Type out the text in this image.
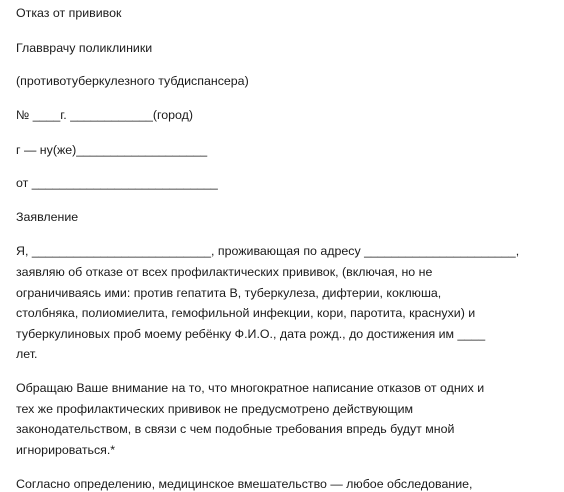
Отказ от прививок
Главврачу поликлиники
(противотуберкулезного тубдиспансера)
№ ____г. ____________(город)
г — ну(же)___________________
от ___________________________
Заявление
Я, __________________________, проживающая по адресу ______________________,
заявляю об отказе от всех профилактических прививок, (включая, но не
ограничиваясь ими: против гепатита В, туберкулеза, дифтерии, коклюша,
столбняка, полиомиелита, гемофильной инфекции, кори, паротита, краснухи) и
туберкулиновых проб моему ребёнку Ф.И.О., дата рожд., до достижения им ____
лет.
Обращаю Ваше внимание на то, что многократное написание отказов от одних и
тех же профилактических прививок не предусмотрено действующим
законодательством, в связи с чем подобные требования впредь будут мной
игнорироваться.*
Согласно определению, медицинское вмешательство — любое обследование,
